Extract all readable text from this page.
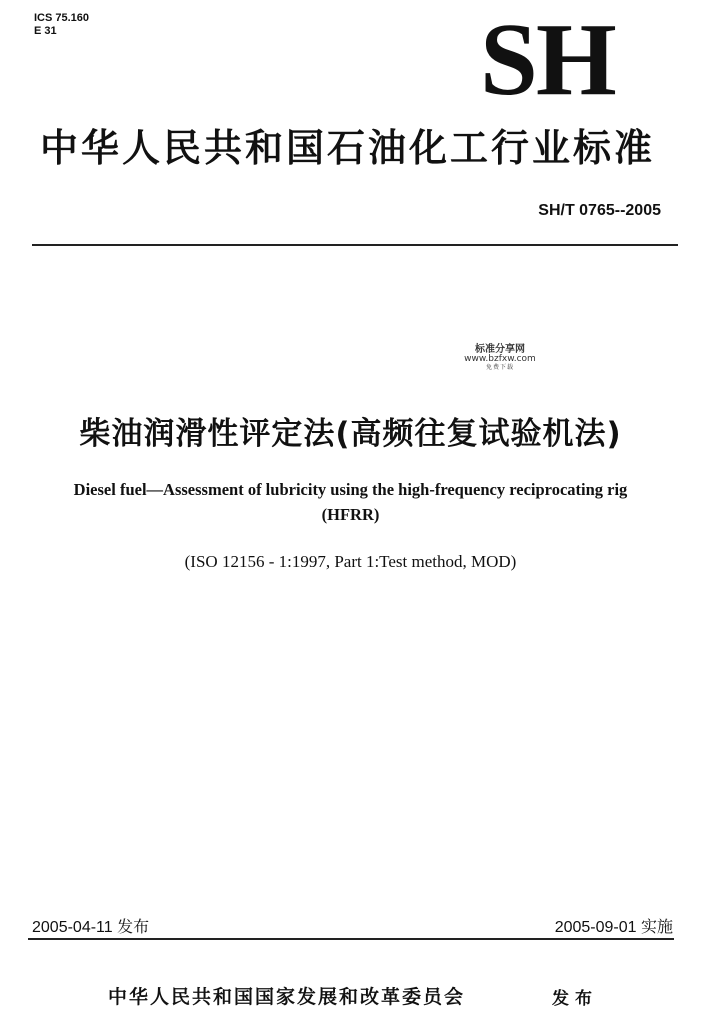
ICS 75.160
E 31	SH
中华人民共和国石油化工行业标准
SH/T 0765--2005
标准分享网
www.bzfxw.com
免费下载
柴油润滑性评定法(高频往复试验机法)
Diesel fuel—Assessment of lubricity using the high-frequency reciprocating rig
(HFRR)
(ISO 12156 - 1:1997, Part 1:Test method, MOD)
2005-04-11 发布	2005-09-01 实施
中华人民共和国国家发展和改革委员会	发布
